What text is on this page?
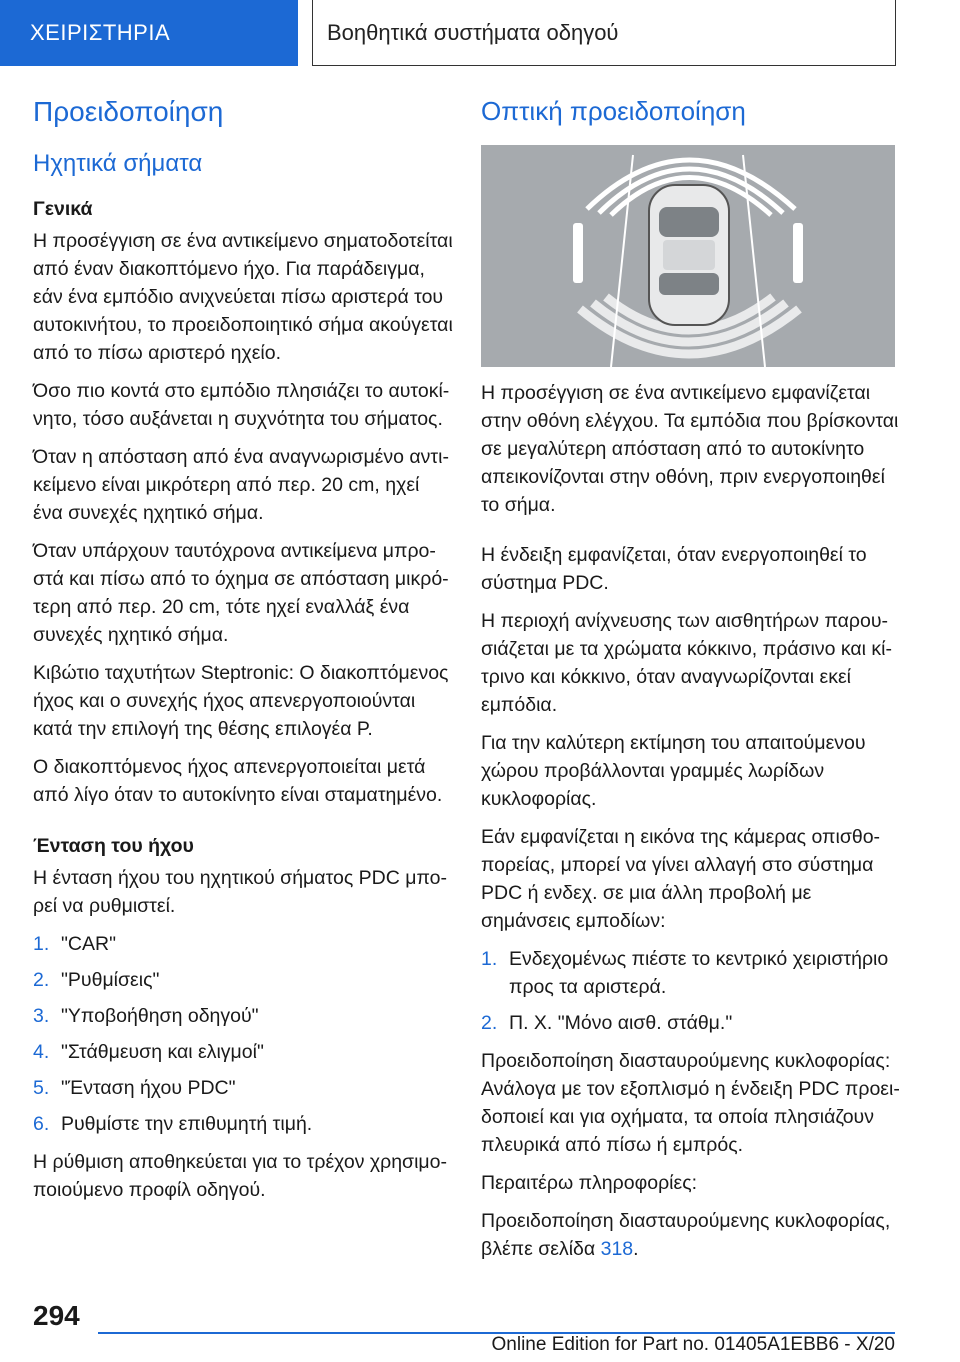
ΧΕΙΡΙΣΤΗΡΙΑ	Βοηθητικά συστήματα οδηγού
Προειδοποίηση
Ηχητικά σήματα
Γενικά

Η προσέγγιση σε ένα αντικείμενο σηματοδοτείται από έναν διακοπτόμενο ήχο. Για παράδειγμα, εάν ένα εμπόδιο ανιχνεύεται πίσω αριστερά του αυτοκινήτου, το προειδοποιητικό σήμα ακούγεται από το πίσω αριστερό ηχείο.

Όσο πιο κοντά στο εμπόδιο πλησιάζει το αυτοκίνητο, τόσο αυξάνεται η συχνότητα του σήματος.

Όταν η απόσταση από ένα αναγνωρισμένο αντικείμενο είναι μικρότερη από περ. 20 cm, ηχεί ένα συνεχές ηχητικό σήμα.

Όταν υπάρχουν ταυτόχρονα αντικείμενα μπροστά και πίσω από το όχημα σε απόσταση μικρότερη από περ. 20 cm, τότε ηχεί εναλλάξ ένα συνεχές ηχητικό σήμα.

Κιβώτιο ταχυτήτων Steptronic: Ο διακοπτόμενος ήχος και ο συνεχής ήχος απενεργοποιούνται κατά την επιλογή της θέσης επιλογέα P.

Ο διακοπτόμενος ήχος απενεργοποιείται μετά από λίγο όταν το αυτοκίνητο είναι σταματημένο.

Ένταση του ήχου

Η ένταση ήχου του ηχητικού σήματος PDC μπορεί να ρυθμιστεί.

1. "CAR"
2. "Ρυθμίσεις"
3. "Υποβοήθηση οδηγού"
4. "Στάθμευση και ελιγμοί"
5. "Ένταση ήχου PDC"
6. Ρυθμίστε την επιθυμητή τιμή.

Η ρύθμιση αποθηκεύεται για το τρέχον χρησιμοποιούμενο προφίλ οδηγού.

Οπτική προειδοποίηση

Η προσέγγιση σε ένα αντικείμενο εμφανίζεται στην οθόνη ελέγχου. Τα εμπόδια που βρίσκονται σε μεγαλύτερη απόσταση από το αυτοκίνητο απεικονίζονται στην οθόνη, πριν ενεργοποιηθεί το σήμα.

Η ένδειξη εμφανίζεται, όταν ενεργοποιηθεί το σύστημα PDC.

Η περιοχή ανίχνευσης των αισθητήρων παρουσιάζεται με τα χρώματα κόκκινο, πράσινο και κίτρινο και κόκκινο, όταν αναγνωρίζονται εκεί εμπόδια.

Για την καλύτερη εκτίμηση του απαιτούμενου χώρου προβάλλονται γραμμές λωρίδων κυκλοφορίας.

Εάν εμφανίζεται η εικόνα της κάμερας οπισθοπορείας, μπορεί να γίνει αλλαγή στο σύστημα PDC ή ενδεχ. σε μια άλλη προβολή με σημάνσεις εμποδίων:

1. Ενδεχομένως πιέστε το κεντρικό χειριστήριο προς τα αριστερά.
2. Π. Χ. "Μόνο αισθ. στάθμ."

Προειδοποίηση διασταυρούμενης κυκλοφορίας: Ανάλογα με τον εξοπλισμό η ένδειξη PDC προειδοποιεί και για οχήματα, τα οποία πλησιάζουν πλευρικά από πίσω ή εμπρός.

Περαιτέρω πληροφορίες:

Προειδοποίηση διασταυρούμενης κυκλοφορίας, βλέπε σελίδα 318.

294
Online Edition for Part no. 01405A1EBB6 - X/20
